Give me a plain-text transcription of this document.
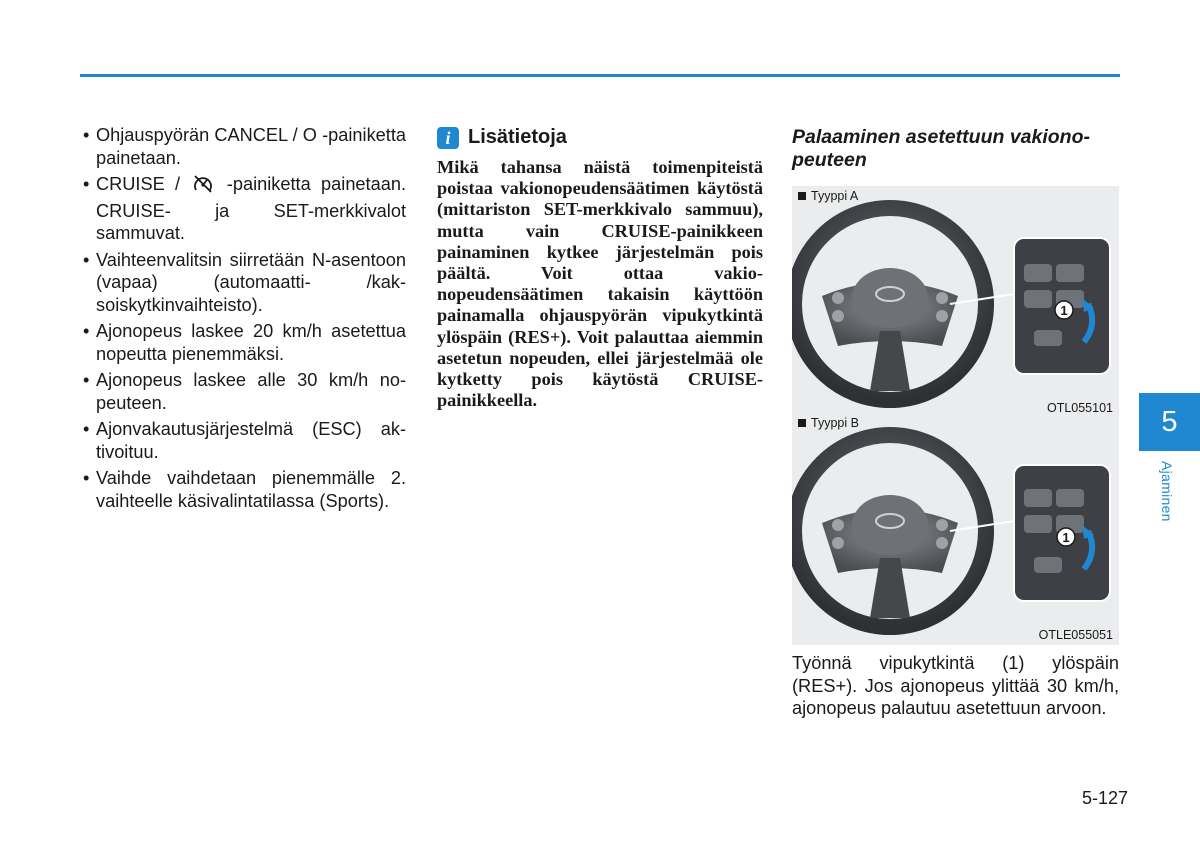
• Ohjauspyörän CANCEL / O -painiketta painetaan.
• CRUISE /	-painiketta painetaan. CRUISE- ja SET-merkkivalot sammuvat.
• Vaihteenvalitsin siirretään N-asentoon (vapaa) (automaatti- /kaksoiskytkinvaihteisto).
• Ajonopeus laskee 20 km/h asetettua nopeutta pienemmäksi.
• Ajonopeus laskee alle 30 km/h nopeuteen.
• Ajonvakautusjärjestelmä (ESC) aktivoituu.
• Vaihde vaihdetaan pienemmälle 2. vaihteelle käsivalintatilassa (Sports).
i Lisätietoja

Mikä tahansa näistä toimenpiteistä poistaa vakionopeudensäätimen käytöstä (mittariston SET-merkkivalo sammuu), mutta vain CRUISE-painikkeen painaminen kytkee järjestelmän pois päältä. Voit ottaa vakionopeudensäätimen takaisin käyttöön painamalla ohjauspyörän vipukytkintä ylöspäin (RES+). Voit palauttaa aiemmin asetetun nopeuden, ellei järjestelmää ole kytketty pois käytöstä CRUISE-painikkeella.

Palaaminen asetettuun vakionopeuteen

Tyyppi A
1
OTL055101
Tyyppi B
1
OTLE055051

Työnnä vipukytkintä (1) ylöspäin (RES+). Jos ajonopeus ylittää 30 km/h, ajonopeus palautuu asetettuun arvoon.

5
Ajaminen
5-127
